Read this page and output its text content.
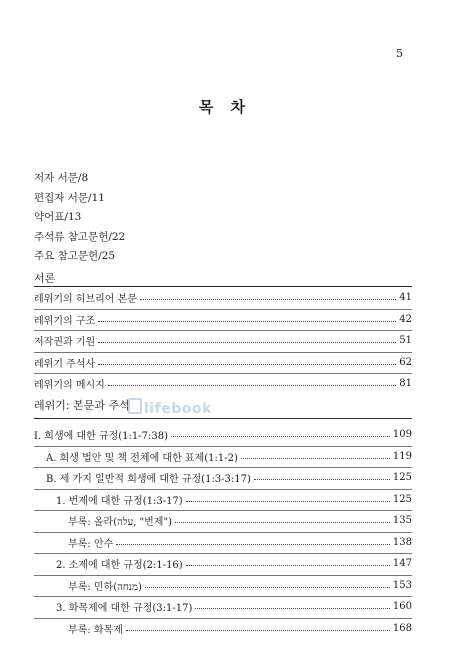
5
목 차
저자 서문/8
편집자 서문/11
약어표/13
주석류 참고문헌/22
주요 참고문헌/25
서론
레위기의 히브리어 본문	41
레위기의 구조	42
저작권과 기원	51
레위기 주석사	62
레위기의 메시지	81
레위기: 본문과 주석	lifebook
I. 희생에 대한 규정(1:1-7:38)	109
A. 희생 법안 및 책 전체에 대한 표제(1:1-2)	119
B. 세 가지 일반적 희생에 대한 규정(1:3-3:17)	125
1. 번제에 대한 규정(1:3-17)	125
부록: 올라(עלה, "번제")	135
부록: 안수	138
2. 소제에 대한 규정(2:1-16)	147
부록: 민하(מנחה)	153
3. 화목제에 대한 규정(3:1-17)	160
부록: 화목제	168
